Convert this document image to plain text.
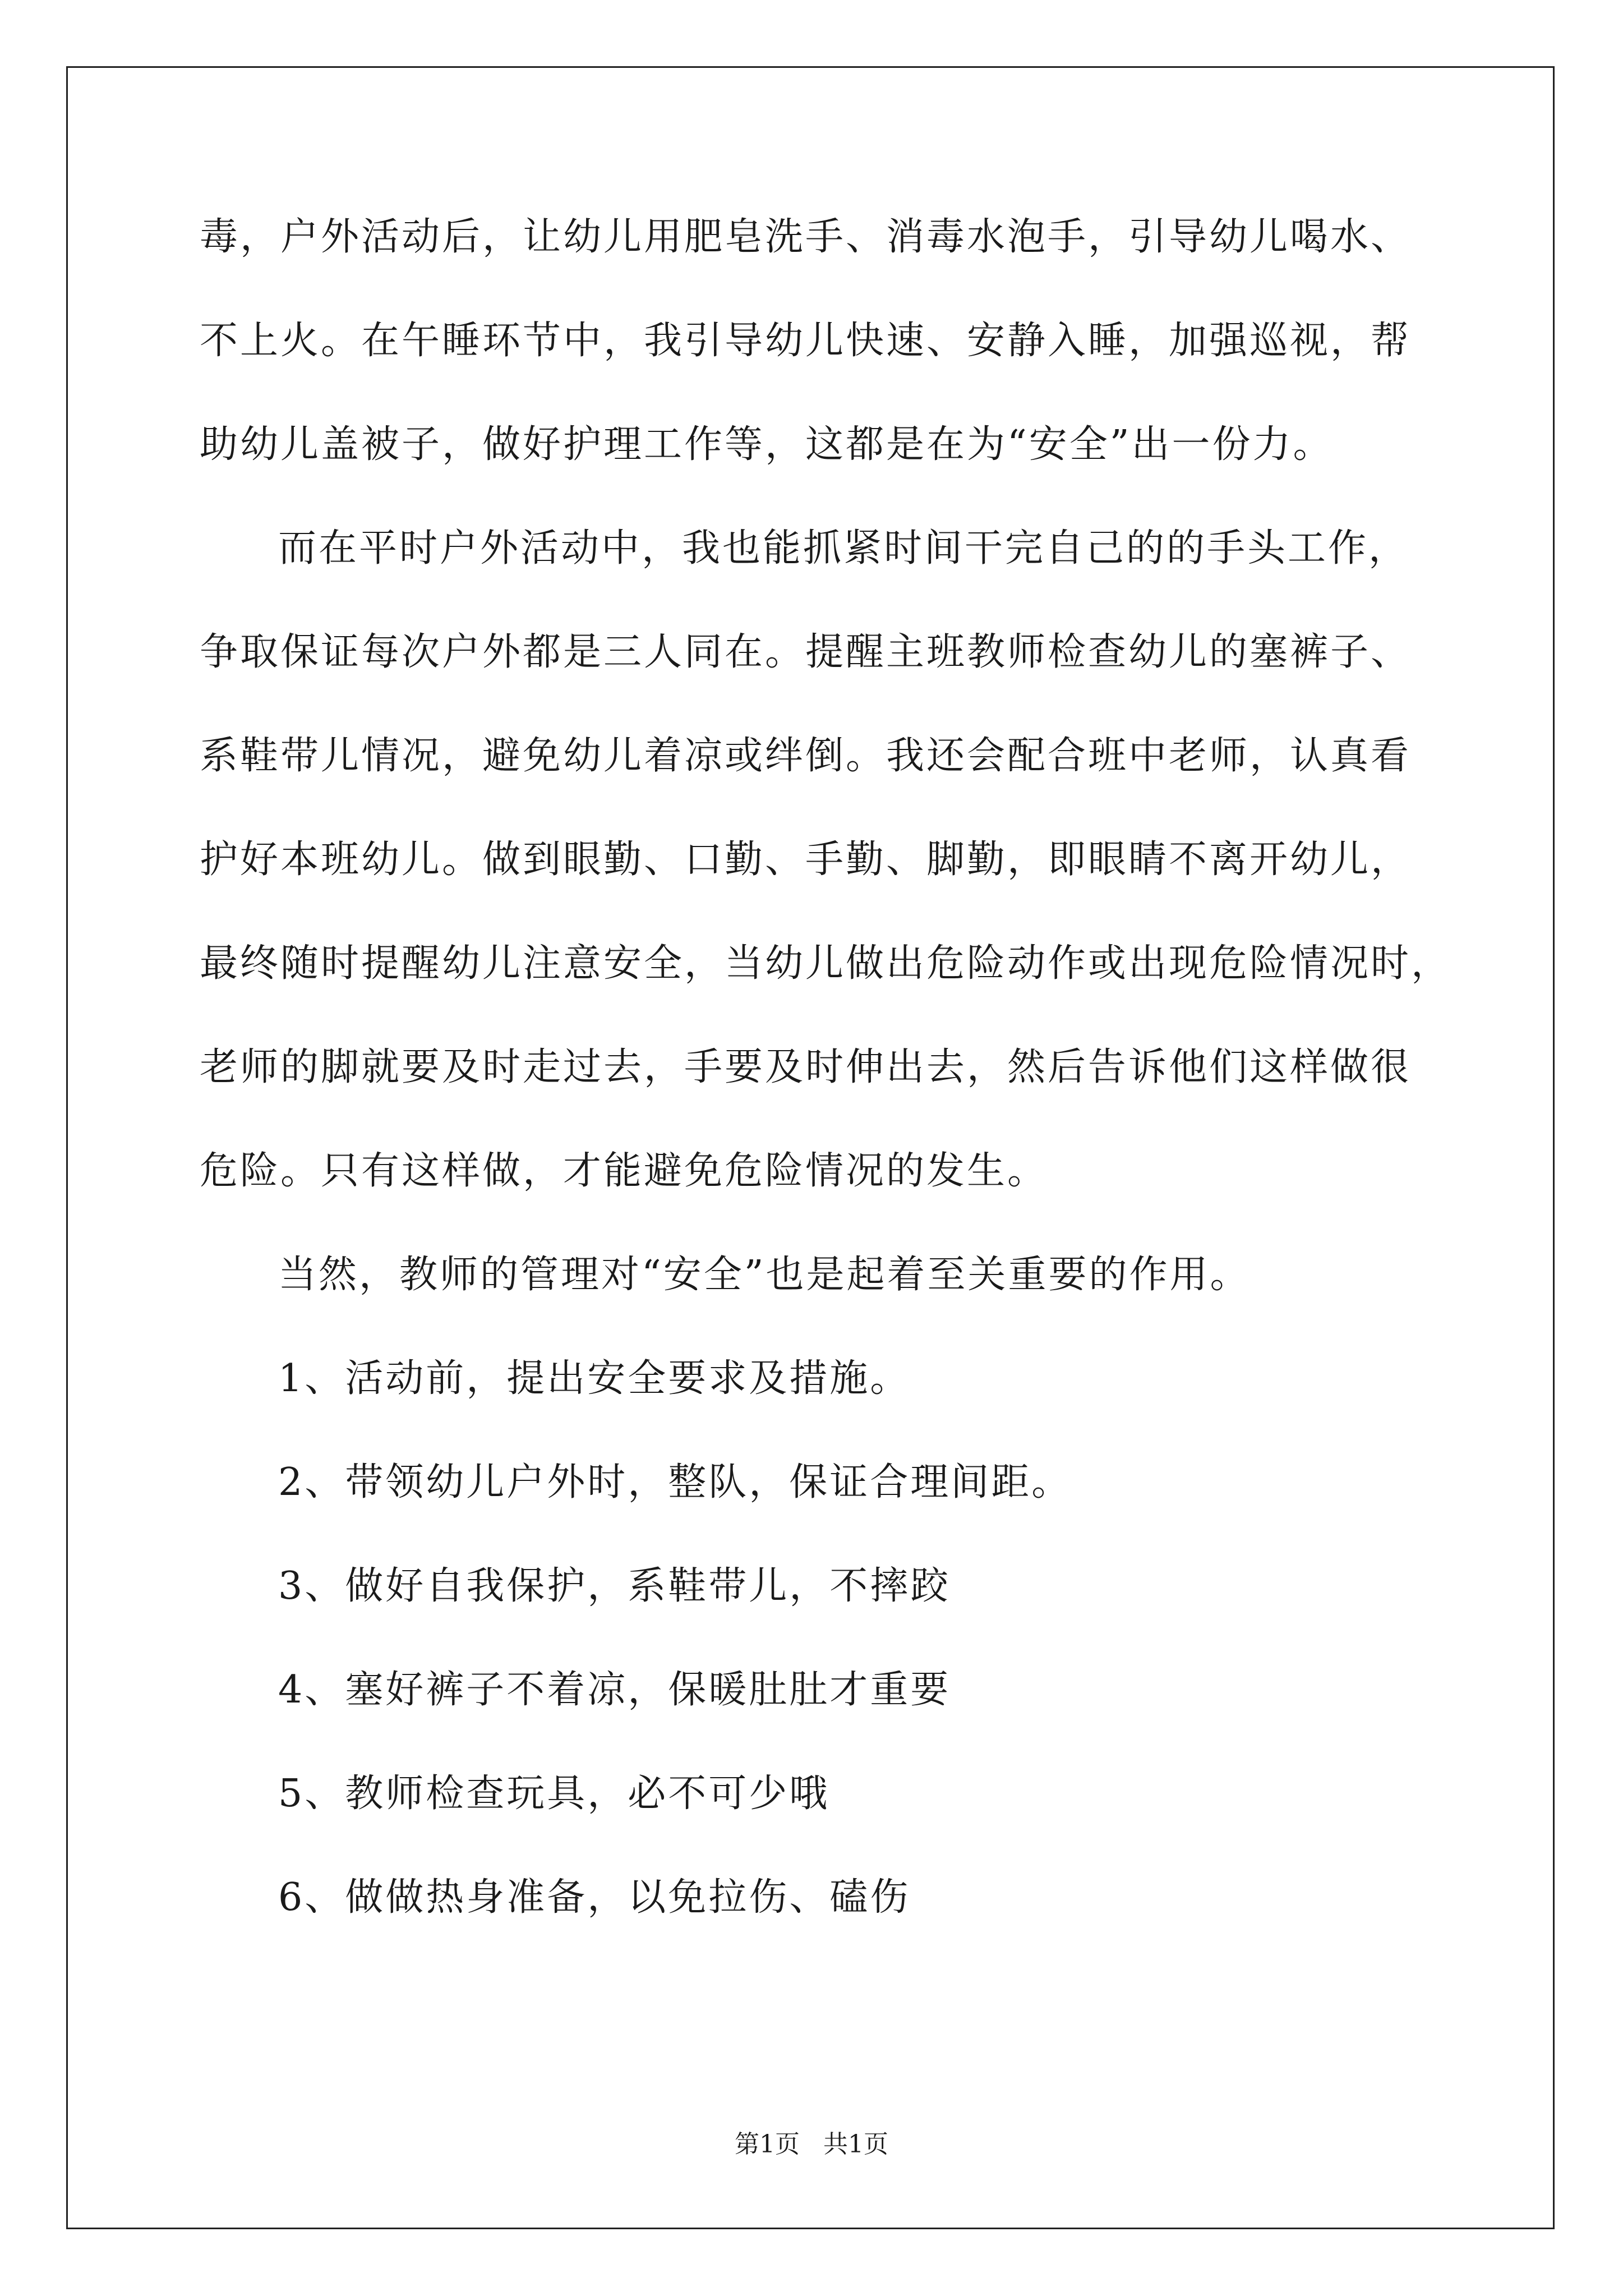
毒，户外活动后，让幼儿用肥皂洗手、消毒水泡手，引导幼儿喝水、
不上火。在午睡环节中，我引导幼儿快速、安静入睡，加强巡视，帮
助幼儿盖被子，做好护理工作等，这都是在为“安全”出一份力。
而在平时户外活动中，我也能抓紧时间干完自己的的手头工作，
争取保证每次户外都是三人同在。提醒主班教师检查幼儿的塞裤子、
系鞋带儿情况，避免幼儿着凉或绊倒。我还会配合班中老师，认真看
护好本班幼儿。做到眼勤、口勤、手勤、脚勤，即眼睛不离开幼儿，
最终随时提醒幼儿注意安全，当幼儿做出危险动作或出现危险情况时，
老师的脚就要及时走过去，手要及时伸出去，然后告诉他们这样做很
危险。只有这样做，才能避免危险情况的发生。
当然，教师的管理对“安全”也是起着至关重要的作用。
1、活动前，提出安全要求及措施。
2、带领幼儿户外时，整队，保证合理间距。
3、做好自我保护，系鞋带儿，不摔跤
4、塞好裤子不着凉，保暖肚肚才重要
5、教师检查玩具，必不可少哦
6、做做热身准备，以免拉伤、磕伤
第1页   共1页
